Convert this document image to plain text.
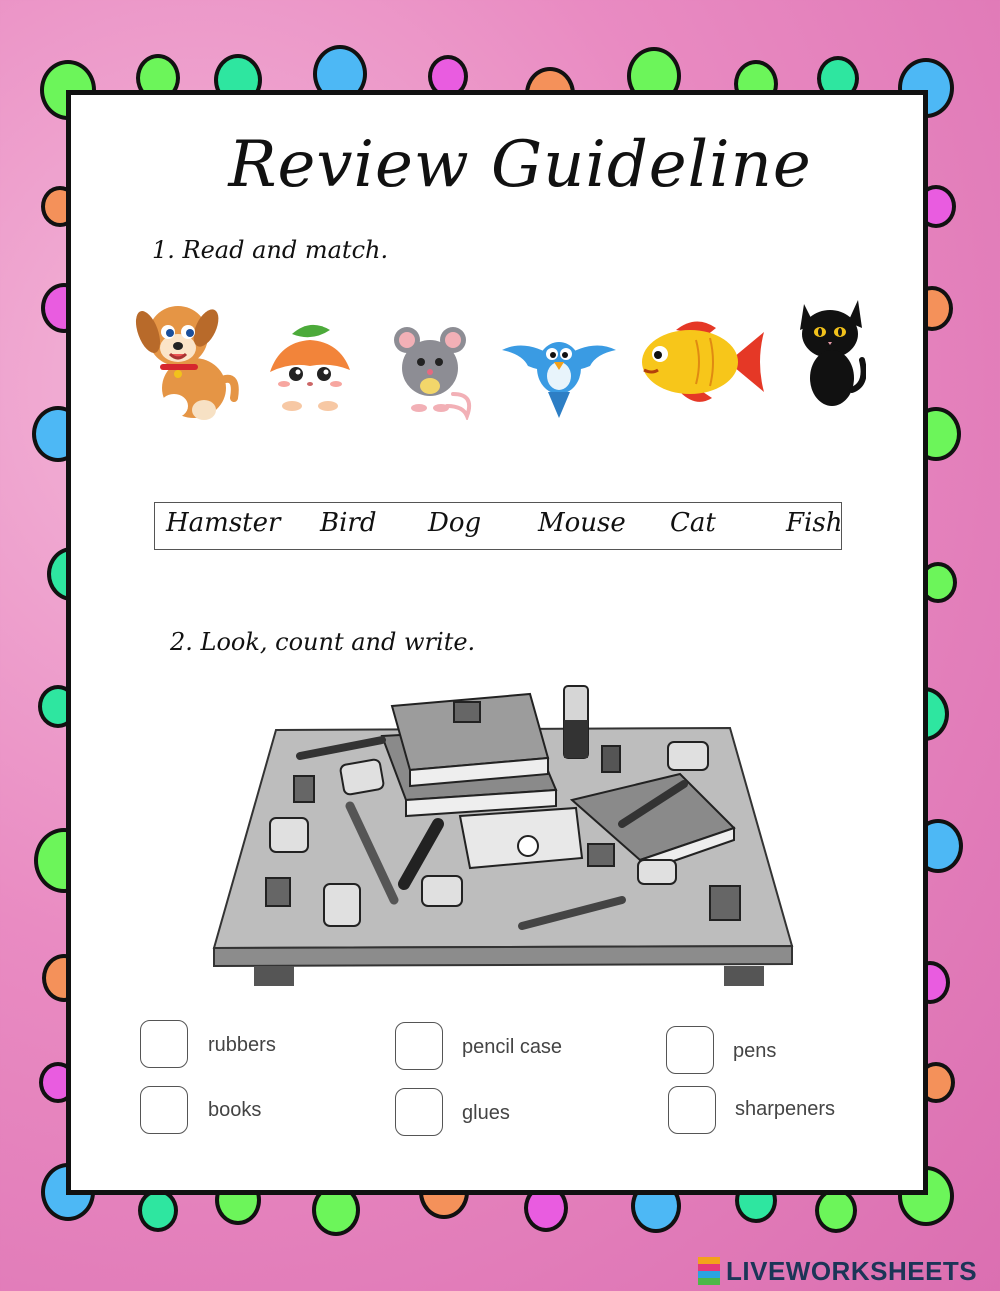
Review Guideline
1. Read and match.
Hamster Bird Dog Mouse Cat	Fish
2. Look, count and write.
rubbers
books
pencil case
glues
pens
sharpeners
LIVEWORKSHEETS
